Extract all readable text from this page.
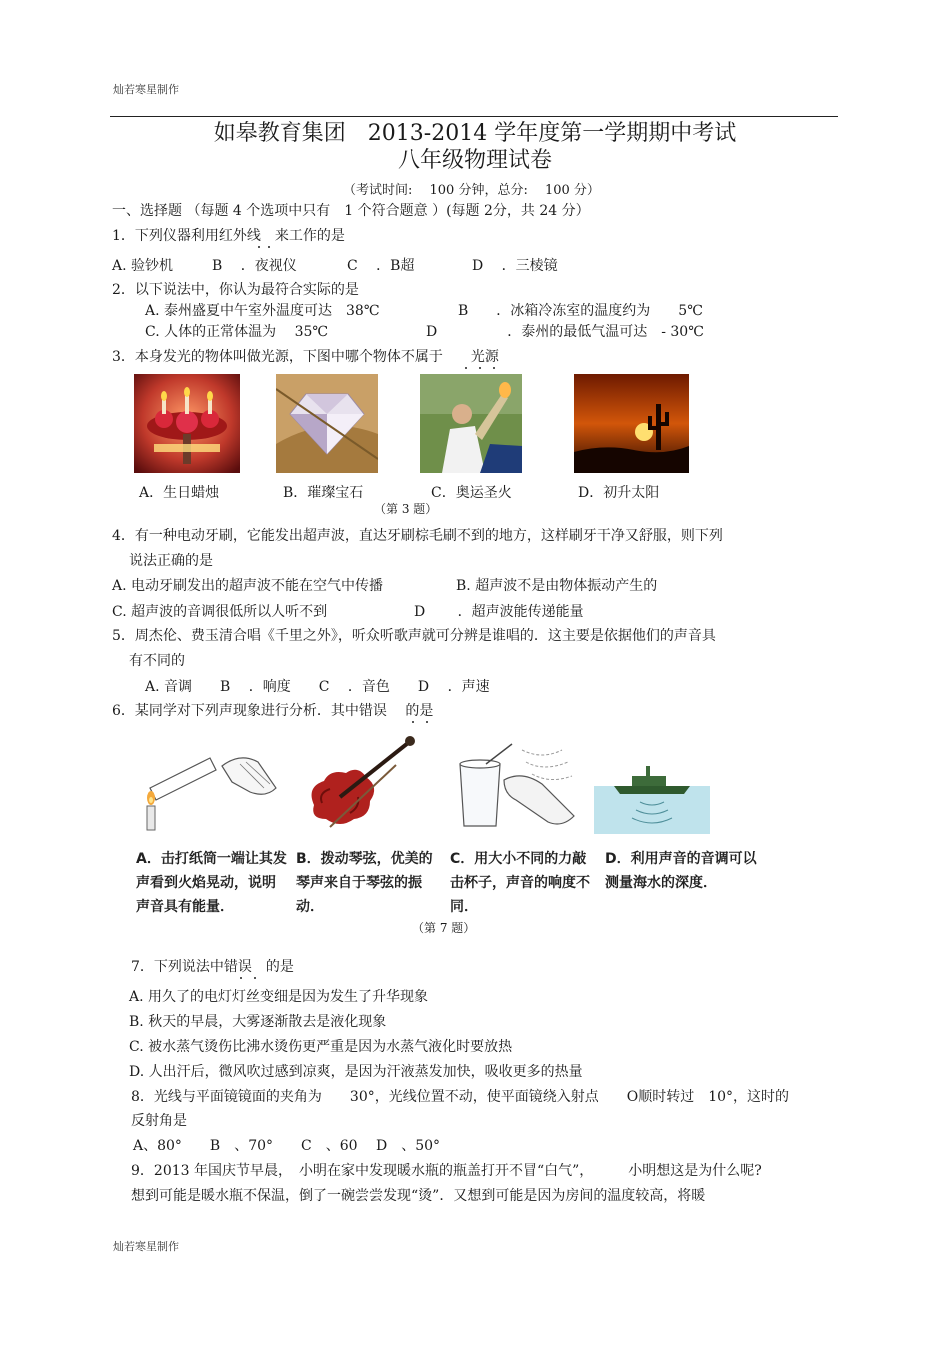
灿若寒星制作
如皋教育集团　2013-2014 学年度第一学期期中考试
八年级物理试卷
（考试时间:　 100 分钟，总分:　 100 分）
一、选择题 （每题 4 个选项中只有　1 个符合题意 ）(每题 2分，共 24 分）
1．下列仪器利用红外线　来工作的是
A. 验钞机	B　 ．夜视仪	C　 ．B超	D　 ．三棱镜
2．以下说法中，你认为最符合实际的是
A. 泰州盛夏中午室外温度可达　38℃	B　　．冰箱冷冻室的温度约为　　5℃
C. 人体的正常体温为　 35℃	D　　　　　．泰州的最低气温可达　- 30℃
3．本身发光的物体叫做光源，下图中哪个物体不属于　　光源
A．生日蜡烛	B．璀璨宝石	C．奥运圣火	D．初升太阳
（第 3 题）
4．有一种电动牙刷，它能发出超声波，直达牙刷棕毛刷不到的地方，这样刷牙干净又舒服，则下列
说法正确的是
A. 电动牙刷发出的超声波不能在空气中传播	B. 超声波不是由物体振动产生的
C. 超声波的音调很低所以人听不到	D　　 ．超声波能传递能量
5．周杰伦、费玉清合唱《千里之外》，听众听歌声就可分辨是谁唱的．这主要是依据他们的声音具
有不同的
A. 音调　　B　 ．响度　　C　 ．音色　　D　 ．声速
6．某同学对下列声现象进行分析．其中错误　 的是
A．击打纸筒一端让其发声看到火焰晃动，说明声音具有能量．
B．拨动琴弦，优美的琴声来自于琴弦的振动．
C．用大小不同的力敲击杯子，声音的响度不同．
D．利用声音的音调可以测量海水的深度．
（第 7 题）
7．下列说法中错误　的是
A. 用久了的电灯灯丝变细是因为发生了升华现象
B. 秋天的早晨，大雾逐渐散去是液化现象
C. 被水蒸气烫伤比沸水烫伤更严重是因为水蒸气液化时要放热
D. 人出汗后，微风吹过感到凉爽，是因为汗液蒸发加快，吸收更多的热量
8．光线与平面镜镜面的夹角为　　30°，光线位置不动，使平面镜绕入射点　　O顺时转过　10°，这时的
反射角是
A、80°　　B　、70°　　C　、60　 D　、50°
9．2013 年国庆节早晨，　小明在家中发现暖水瓶的瓶盖打开不冒“白气”，　　　小明想这是为什么呢?
想到可能是暖水瓶不保温，倒了一碗尝尝发现“烫”．又想到可能是因为房间的温度较高，将暖
灿若寒星制作
